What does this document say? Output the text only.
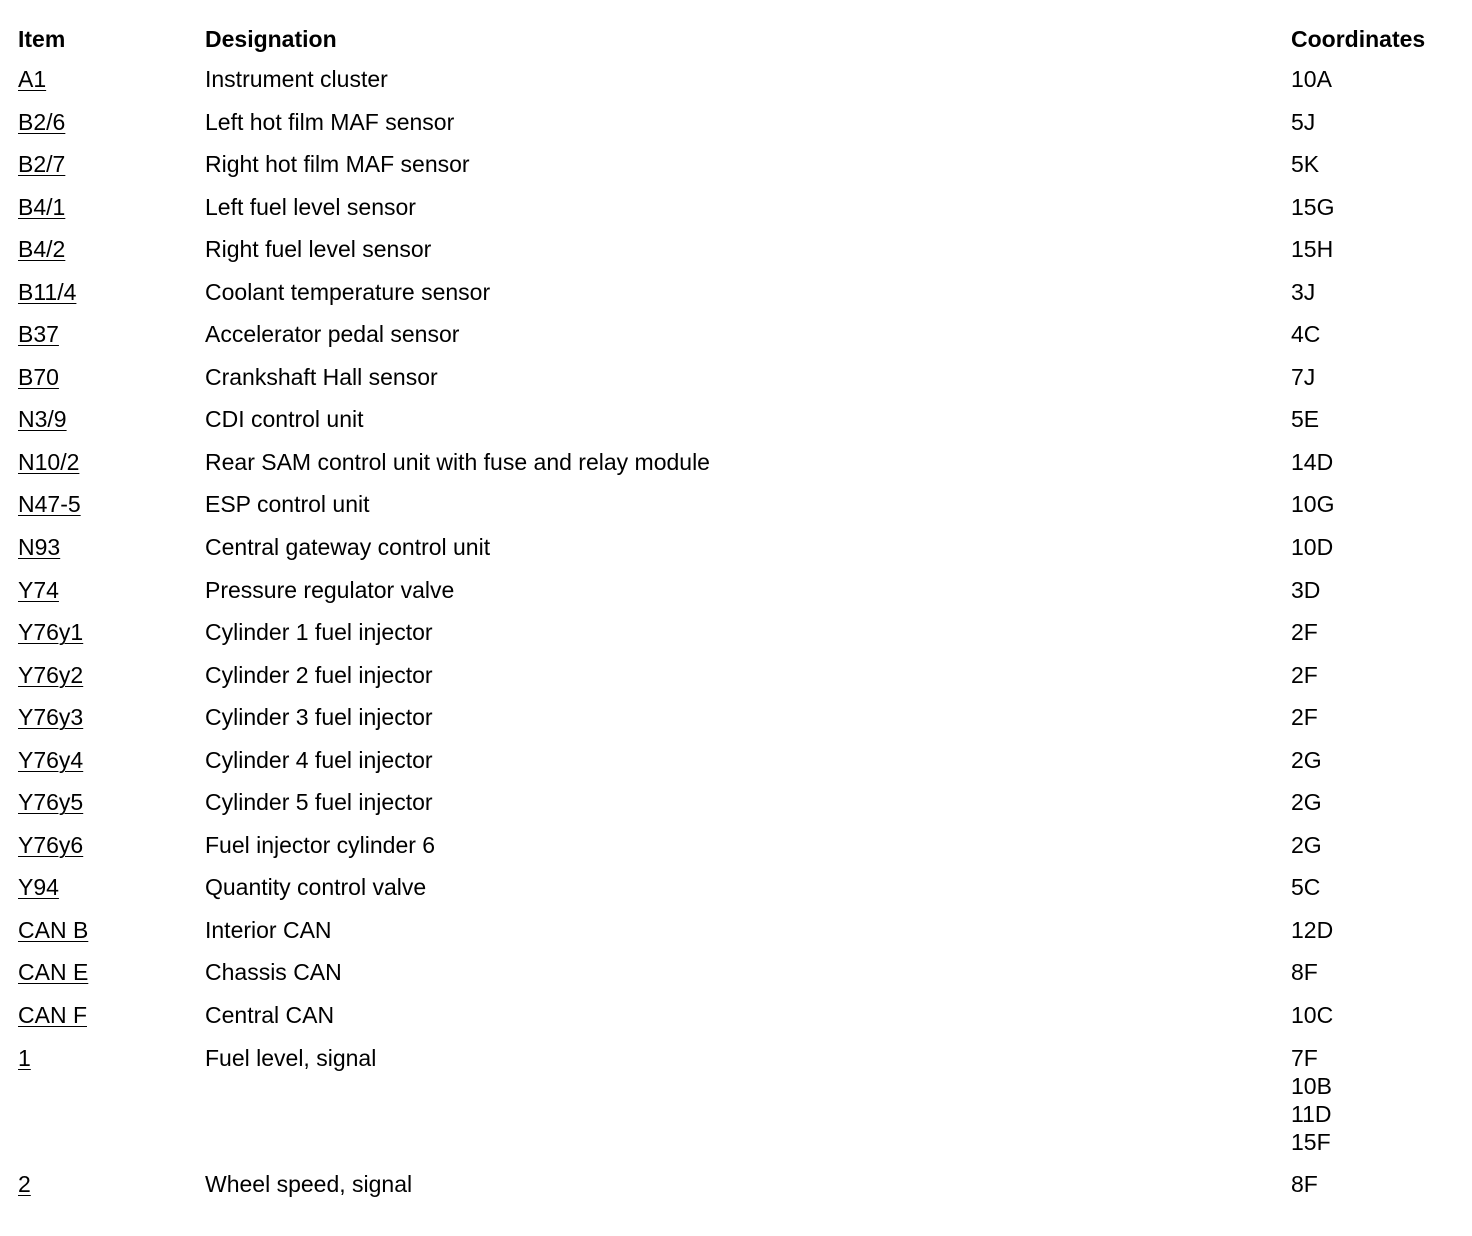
Item	Designation	Coordinates
A1	Instrument cluster	10A
B2/6	Left hot film MAF sensor	5J
B2/7	Right hot film MAF sensor	5K
B4/1	Left fuel level sensor	15G
B4/2	Right fuel level sensor	15H
B11/4	Coolant temperature sensor	3J
B37	Accelerator pedal sensor	4C
B70	Crankshaft Hall sensor	7J
N3/9	CDI control unit	5E
N10/2	Rear SAM control unit with fuse and relay module	14D
N47-5	ESP control unit	10G
N93	Central gateway control unit	10D
Y74	Pressure regulator valve	3D
Y76y1	Cylinder 1 fuel injector	2F
Y76y2	Cylinder 2 fuel injector	2F
Y76y3	Cylinder 3 fuel injector	2F
Y76y4	Cylinder 4 fuel injector	2G
Y76y5	Cylinder 5 fuel injector	2G
Y76y6	Fuel injector cylinder 6	2G
Y94	Quantity control valve	5C
CAN B	Interior CAN	12D
CAN E	Chassis CAN	8F
CAN F	Central CAN	10C
1	Fuel level, signal	7F
10B
11D
15F
2	Wheel speed, signal	8F
